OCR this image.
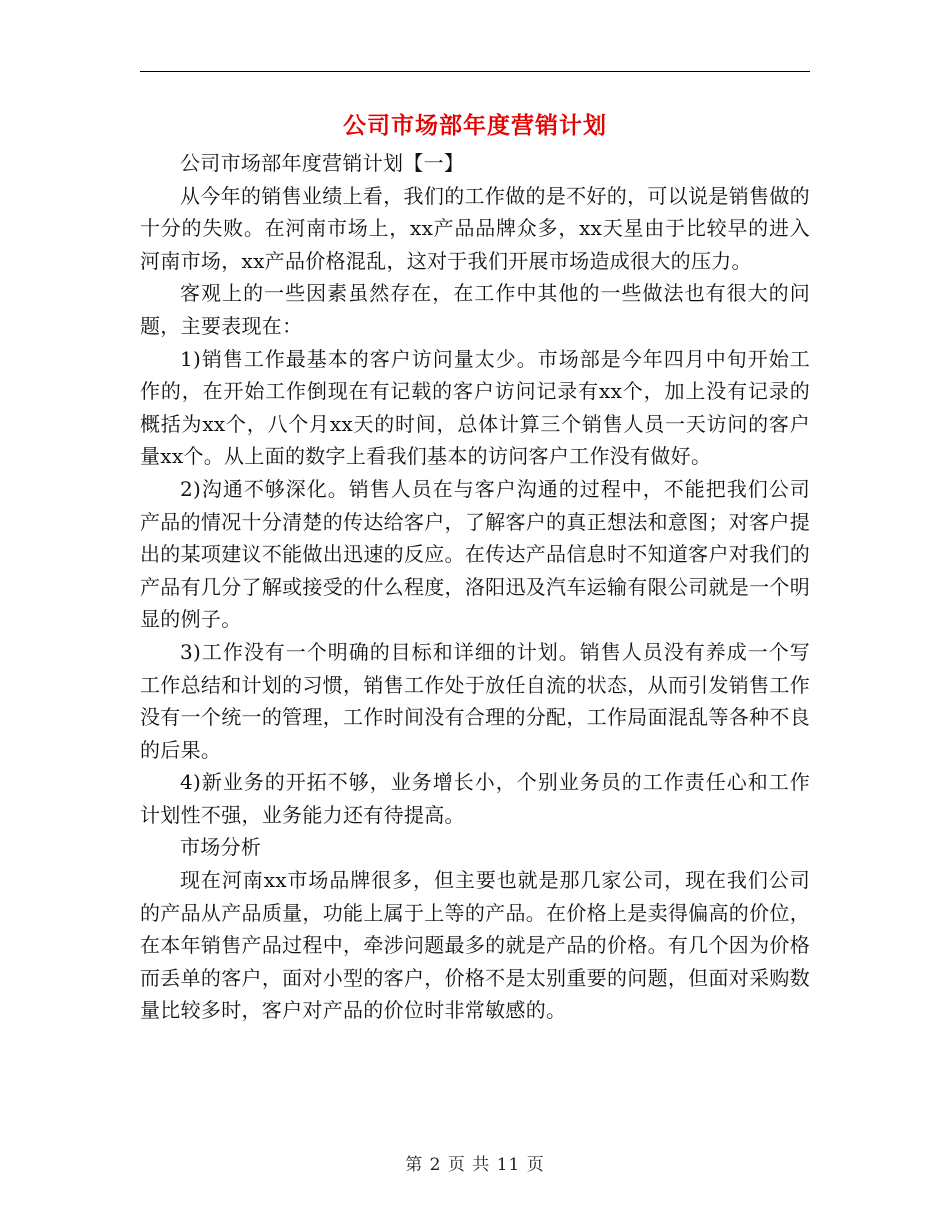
公司市场部年度营销计划

公司市场部年度营销计划【一】

从今年的销售业绩上看，我们的工作做的是不好的，可以说是销售做的十分的失败。在河南市场上，xx产品品牌众多，xx天星由于比较早的进入河南市场，xx产品价格混乱，这对于我们开展市场造成很大的压力。

客观上的一些因素虽然存在，在工作中其他的一些做法也有很大的问题，主要表现在：

1)销售工作最基本的客户访问量太少。市场部是今年四月中旬开始工作的，在开始工作倒现在有记载的客户访问记录有xx个，加上没有记录的概括为xx个，八个月xx天的时间，总体计算三个销售人员一天访问的客户量xx个。从上面的数字上看我们基本的访问客户工作没有做好。

2)沟通不够深化。销售人员在与客户沟通的过程中，不能把我们公司产品的情况十分清楚的传达给客户，了解客户的真正想法和意图；对客户提出的某项建议不能做出迅速的反应。在传达产品信息时不知道客户对我们的产品有几分了解或接受的什么程度，洛阳迅及汽车运输有限公司就是一个明显的例子。

3)工作没有一个明确的目标和详细的计划。销售人员没有养成一个写工作总结和计划的习惯，销售工作处于放任自流的状态，从而引发销售工作没有一个统一的管理，工作时间没有合理的分配，工作局面混乱等各种不良的后果。

4)新业务的开拓不够，业务增长小，个别业务员的工作责任心和工作计划性不强，业务能力还有待提高。

市场分析

现在河南xx市场品牌很多，但主要也就是那几家公司，现在我们公司的产品从产品质量，功能上属于上等的产品。在价格上是卖得偏高的价位，在本年销售产品过程中，牵涉问题最多的就是产品的价格。有几个因为价格而丢单的客户，面对小型的客户，价格不是太别重要的问题，但面对采购数量比较多时，客户对产品的价位时非常敏感的。

第 2 页 共 11 页
